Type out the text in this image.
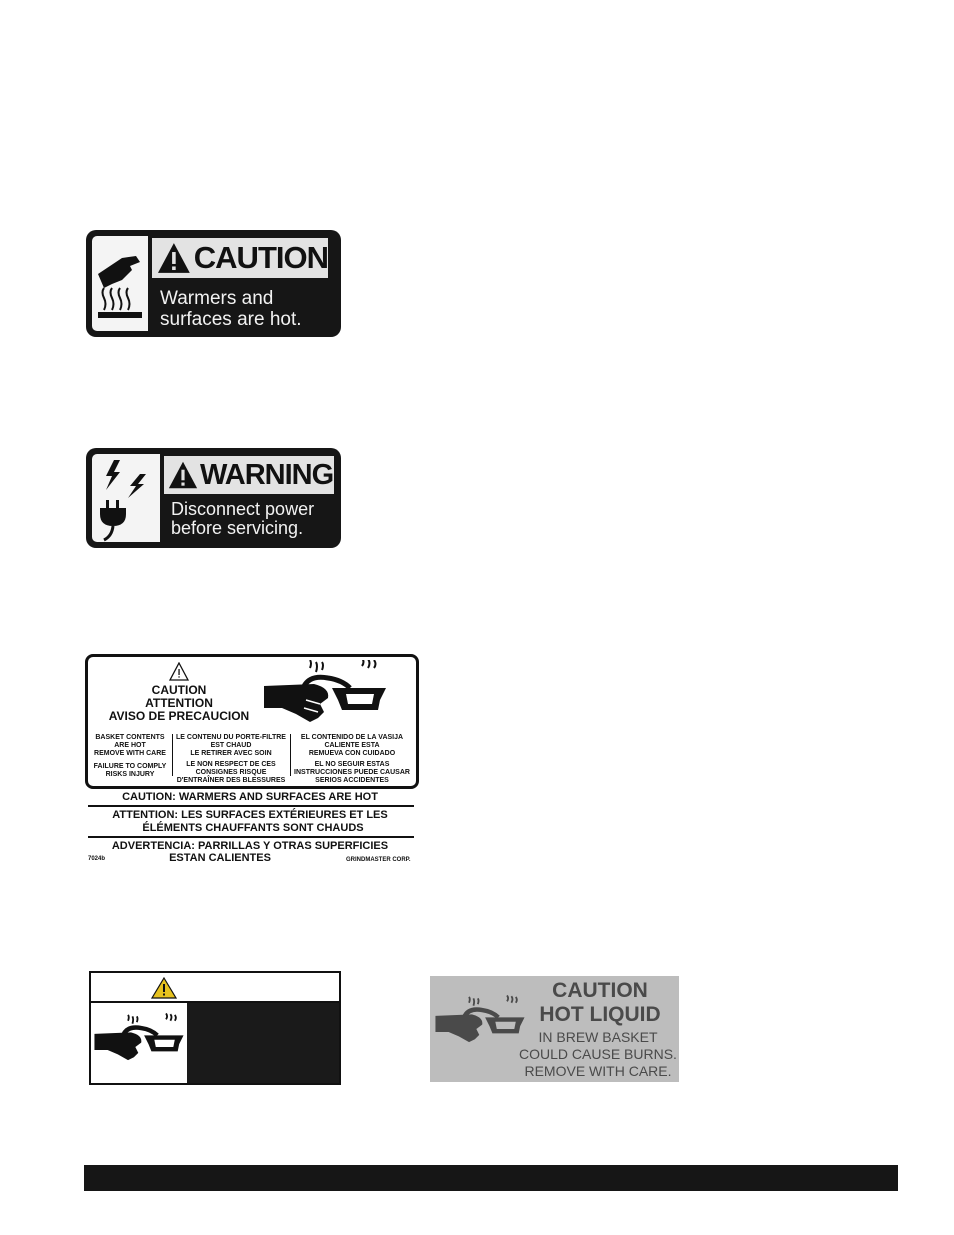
CAUTION
Warmers and
surfaces are hot.
WARNING
Disconnect power
before servicing.
CAUTION
ATTENTION
AVISO DE PRECAUCION
BASKET CONTENTS
ARE HOT
REMOVE WITH CARE
FAILURE TO COMPLY
RISKS INJURY
LE CONTENU DU PORTE-FILTRE
EST CHAUD
LE RETIRER AVEC SOIN
LE NON RESPECT DE CES
CONSIGNES RISQUE
D'ENTRAÎNER DES BLESSURES
EL CONTENIDO DE LA VASIJA
CALIENTE ESTA
REMUEVA CON CUIDADO
EL NO SEGUIR ESTAS
INSTRUCCIONES PUEDE CAUSAR
SERIOS ACCIDENTES
CAUTION: WARMERS AND SURFACES ARE HOT
ATTENTION: LES SURFACES EXTÉRIEURES ET LES
ÉLÉMENTS CHAUFFANTS SONT CHAUDS
ADVERTENCIA: PARRILLAS Y OTRAS SUPERFICIES
ESTAN CALIENTES
7024b	GRINDMASTER CORP.
CAUTION
HOT LIQUID
IN BREW BASKET
COULD CAUSE BURNS.
REMOVE WITH CARE.
